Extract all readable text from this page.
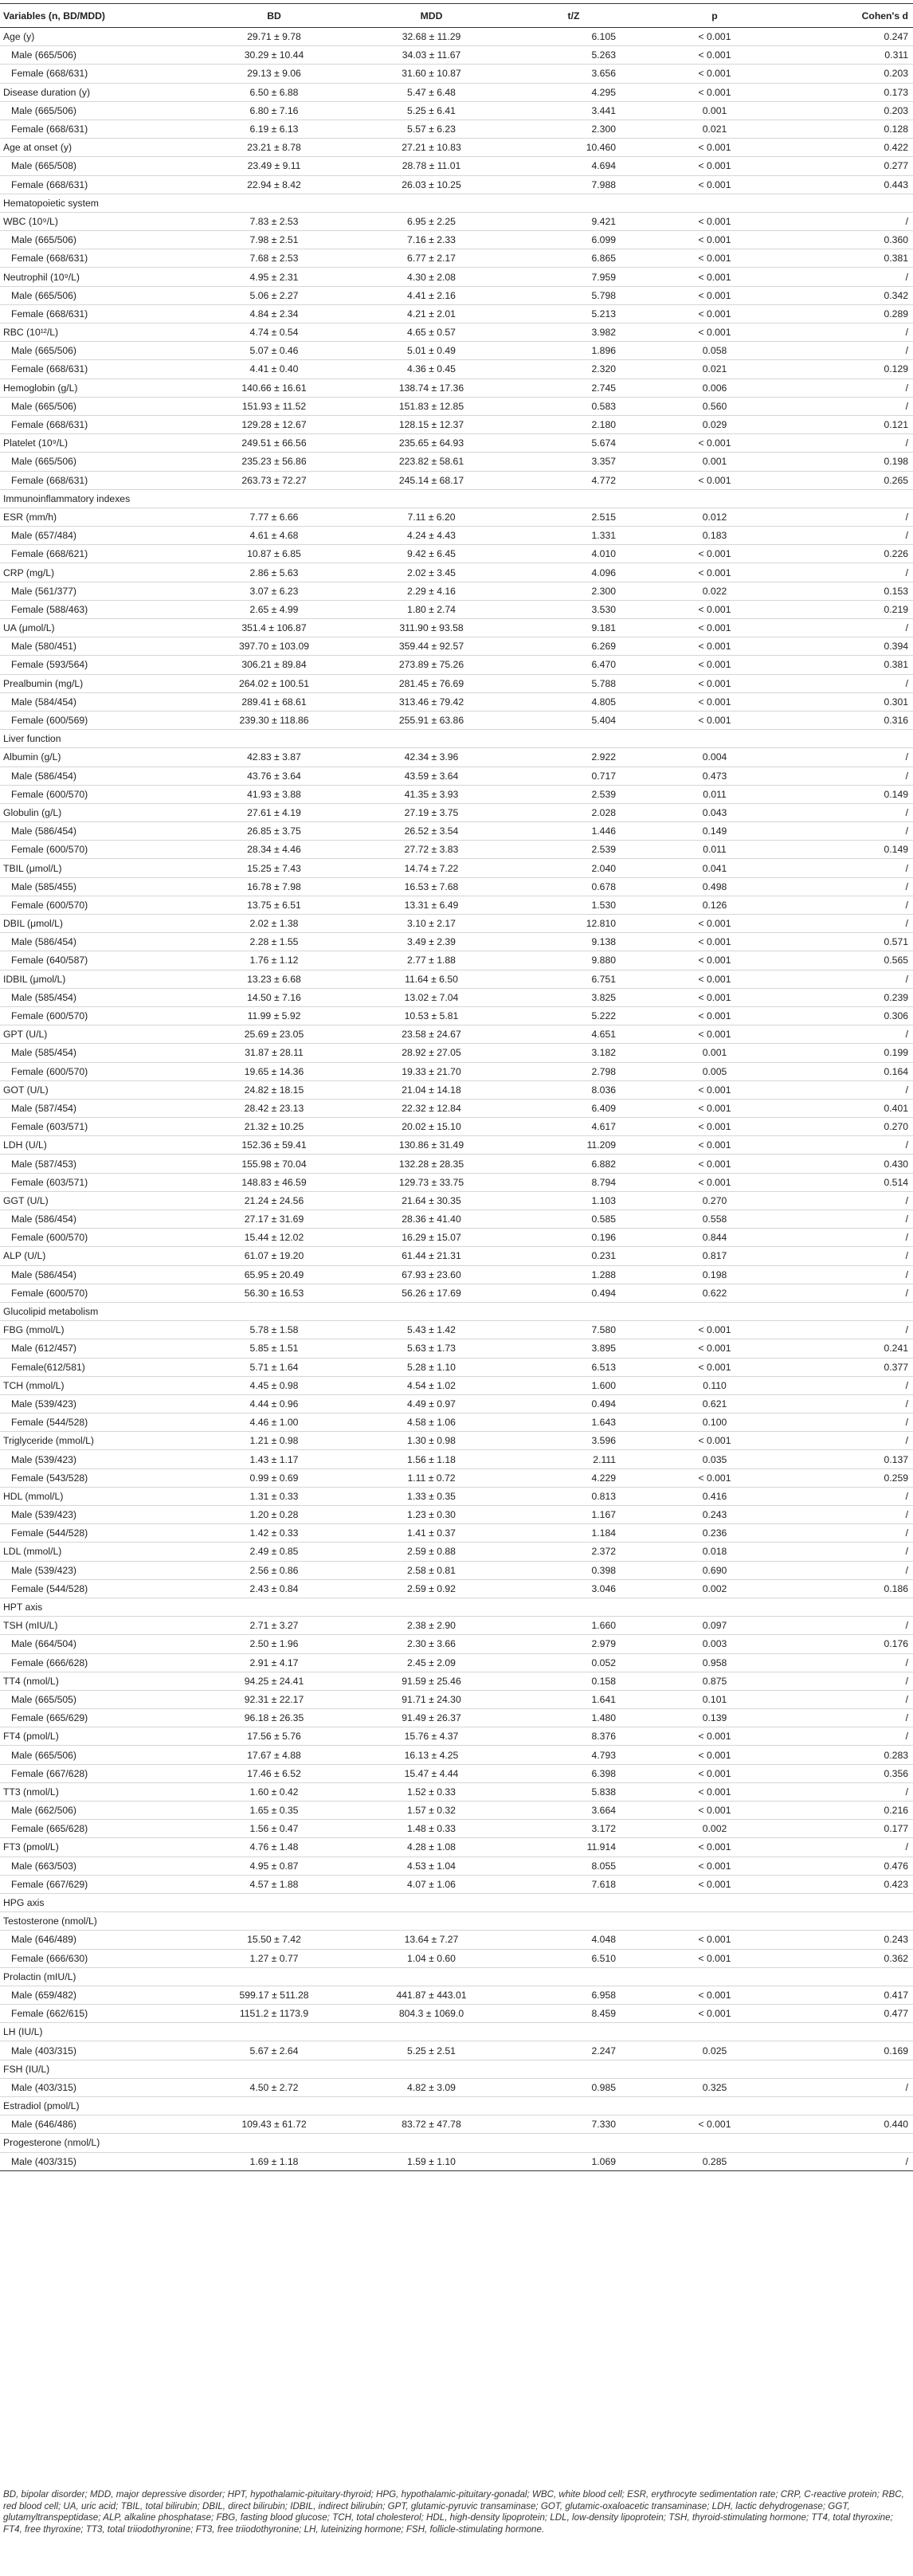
Variables (n, BD/MDD)	BD	MDD	t/Z	p	Cohen's d
Age (y)	29.71 ± 9.78	32.68 ± 11.29	6.105	< 0.001	0.247
Male (665/506)	30.29 ± 10.44	34.03 ± 11.67	5.263	< 0.001	0.311
Female (668/631)	29.13 ± 9.06	31.60 ± 10.87	3.656	< 0.001	0.203
Disease duration (y)	6.50 ± 6.88	5.47 ± 6.48	4.295	< 0.001	0.173
Male (665/506)	6.80 ± 7.16	5.25 ± 6.41	3.441	0.001	0.203
Female (668/631)	6.19 ± 6.13	5.57 ± 6.23	2.300	0.021	0.128
Age at onset (y)	23.21 ± 8.78	27.21 ± 10.83	10.460	< 0.001	0.422
Male (665/508)	23.49 ± 9.11	28.78 ± 11.01	4.694	< 0.001	0.277
Female (668/631)	22.94 ± 8.42	26.03 ± 10.25	7.988	< 0.001	0.443
Hematopoietic system					
WBC (10⁹/L)	7.83 ± 2.53	6.95 ± 2.25	9.421	< 0.001	/
Male (665/506)	7.98 ± 2.51	7.16 ± 2.33	6.099	< 0.001	0.360
Female (668/631)	7.68 ± 2.53	6.77 ± 2.17	6.865	< 0.001	0.381
Neutrophil (10⁹/L)	4.95 ± 2.31	4.30 ± 2.08	7.959	< 0.001	/
Male (665/506)	5.06 ± 2.27	4.41 ± 2.16	5.798	< 0.001	0.342
Female (668/631)	4.84 ± 2.34	4.21 ± 2.01	5.213	< 0.001	0.289
RBC (10¹²/L)	4.74 ± 0.54	4.65 ± 0.57	3.982	< 0.001	/
Male (665/506)	5.07 ± 0.46	5.01 ± 0.49	1.896	0.058	/
Female (668/631)	4.41 ± 0.40	4.36 ± 0.45	2.320	0.021	0.129
Hemoglobin (g/L)	140.66 ± 16.61	138.74 ± 17.36	2.745	0.006	/
Male (665/506)	151.93 ± 11.52	151.83 ± 12.85	0.583	0.560	/
Female (668/631)	129.28 ± 12.67	128.15 ± 12.37	2.180	0.029	0.121
Platelet (10⁹/L)	249.51 ± 66.56	235.65 ± 64.93	5.674	< 0.001	/
Male (665/506)	235.23 ± 56.86	223.82 ± 58.61	3.357	0.001	0.198
Female (668/631)	263.73 ± 72.27	245.14 ± 68.17	4.772	< 0.001	0.265
Immunoinflammatory indexes					
ESR (mm/h)	7.77 ± 6.66	7.11 ± 6.20	2.515	0.012	/
Male (657/484)	4.61 ± 4.68	4.24 ± 4.43	1.331	0.183	/
Female (668/621)	10.87 ± 6.85	9.42 ± 6.45	4.010	< 0.001	0.226
CRP (mg/L)	2.86 ± 5.63	2.02 ± 3.45	4.096	< 0.001	/
Male (561/377)	3.07 ± 6.23	2.29 ± 4.16	2.300	0.022	0.153
Female (588/463)	2.65 ± 4.99	1.80 ± 2.74	3.530	< 0.001	0.219
UA (μmol/L)	351.4 ± 106.87	311.90 ± 93.58	9.181	< 0.001	/
Male (580/451)	397.70 ± 103.09	359.44 ± 92.57	6.269	< 0.001	0.394
Female (593/564)	306.21 ± 89.84	273.89 ± 75.26	6.470	< 0.001	0.381
Prealbumin (mg/L)	264.02 ± 100.51	281.45 ± 76.69	5.788	< 0.001	/
Male (584/454)	289.41 ± 68.61	313.46 ± 79.42	4.805	< 0.001	0.301
Female (600/569)	239.30 ± 118.86	255.91 ± 63.86	5.404	< 0.001	0.316
Liver function					
Albumin (g/L)	42.83 ± 3.87	42.34 ± 3.96	2.922	0.004	/
Male (586/454)	43.76 ± 3.64	43.59 ± 3.64	0.717	0.473	/
Female (600/570)	41.93 ± 3.88	41.35 ± 3.93	2.539	0.011	0.149
Globulin (g/L)	27.61 ± 4.19	27.19 ± 3.75	2.028	0.043	/
Male (586/454)	26.85 ± 3.75	26.52 ± 3.54	1.446	0.149	/
Female (600/570)	28.34 ± 4.46	27.72 ± 3.83	2.539	0.011	0.149
TBIL (μmol/L)	15.25 ± 7.43	14.74 ± 7.22	2.040	0.041	/
Male (585/455)	16.78 ± 7.98	16.53 ± 7.68	0.678	0.498	/
Female (600/570)	13.75 ± 6.51	13.31 ± 6.49	1.530	0.126	/
DBIL (μmol/L)	2.02 ± 1.38	3.10 ± 2.17	12.810	< 0.001	/
Male (586/454)	2.28 ± 1.55	3.49 ± 2.39	9.138	< 0.001	0.571
Female (640/587)	1.76 ± 1.12	2.77 ± 1.88	9.880	< 0.001	0.565
IDBIL (μmol/L)	13.23 ± 6.68	11.64 ± 6.50	6.751	< 0.001	/
Male (585/454)	14.50 ± 7.16	13.02 ± 7.04	3.825	< 0.001	0.239
Female (600/570)	11.99 ± 5.92	10.53 ± 5.81	5.222	< 0.001	0.306
GPT (U/L)	25.69 ± 23.05	23.58 ± 24.67	4.651	< 0.001	/
Male (585/454)	31.87 ± 28.11	28.92 ± 27.05	3.182	0.001	0.199
Female (600/570)	19.65 ± 14.36	19.33 ± 21.70	2.798	0.005	0.164
GOT (U/L)	24.82 ± 18.15	21.04 ± 14.18	8.036	< 0.001	/
Male (587/454)	28.42 ± 23.13	22.32 ± 12.84	6.409	< 0.001	0.401
Female (603/571)	21.32 ± 10.25	20.02 ± 15.10	4.617	< 0.001	0.270
LDH (U/L)	152.36 ± 59.41	130.86 ± 31.49	11.209	< 0.001	/
Male (587/453)	155.98 ± 70.04	132.28 ± 28.35	6.882	< 0.001	0.430
Female (603/571)	148.83 ± 46.59	129.73 ± 33.75	8.794	< 0.001	0.514
GGT (U/L)	21.24 ± 24.56	21.64 ± 30.35	1.103	0.270	/
Male (586/454)	27.17 ± 31.69	28.36 ± 41.40	0.585	0.558	/
Female (600/570)	15.44 ± 12.02	16.29 ± 15.07	0.196	0.844	/
ALP (U/L)	61.07 ± 19.20	61.44 ± 21.31	0.231	0.817	/
Male (586/454)	65.95 ± 20.49	67.93 ± 23.60	1.288	0.198	/
Female (600/570)	56.30 ± 16.53	56.26 ± 17.69	0.494	0.622	/
Glucolipid metabolism					
FBG (mmol/L)	5.78 ± 1.58	5.43 ± 1.42	7.580	< 0.001	/
Male (612/457)	5.85 ± 1.51	5.63 ± 1.73	3.895	< 0.001	0.241
Female(612/581)	5.71 ± 1.64	5.28 ± 1.10	6.513	< 0.001	0.377
TCH (mmol/L)	4.45 ± 0.98	4.54 ± 1.02	1.600	0.110	/
Male (539/423)	4.44 ± 0.96	4.49 ± 0.97	0.494	0.621	/
Female (544/528)	4.46 ± 1.00	4.58 ± 1.06	1.643	0.100	/
Triglyceride (mmol/L)	1.21 ± 0.98	1.30 ± 0.98	3.596	< 0.001	/
Male (539/423)	1.43 ± 1.17	1.56 ± 1.18	2.111	0.035	0.137
Female (543/528)	0.99 ± 0.69	1.11 ± 0.72	4.229	< 0.001	0.259
HDL (mmol/L)	1.31 ± 0.33	1.33 ± 0.35	0.813	0.416	/
Male (539/423)	1.20 ± 0.28	1.23 ± 0.30	1.167	0.243	/
Female (544/528)	1.42 ± 0.33	1.41 ± 0.37	1.184	0.236	/
LDL (mmol/L)	2.49 ± 0.85	2.59 ± 0.88	2.372	0.018	/
Male (539/423)	2.56 ± 0.86	2.58 ± 0.81	0.398	0.690	/
Female (544/528)	2.43 ± 0.84	2.59 ± 0.92	3.046	0.002	0.186
HPT axis					
TSH (mIU/L)	2.71 ± 3.27	2.38 ± 2.90	1.660	0.097	/
Male (664/504)	2.50 ± 1.96	2.30 ± 3.66	2.979	0.003	0.176
Female (666/628)	2.91 ± 4.17	2.45 ± 2.09	0.052	0.958	/
TT4 (nmol/L)	94.25 ± 24.41	91.59 ± 25.46	0.158	0.875	/
Male (665/505)	92.31 ± 22.17	91.71 ± 24.30	1.641	0.101	/
Female (665/629)	96.18 ± 26.35	91.49 ± 26.37	1.480	0.139	/
FT4 (pmol/L)	17.56 ± 5.76	15.76 ± 4.37	8.376	< 0.001	/
Male (665/506)	17.67 ± 4.88	16.13 ± 4.25	4.793	< 0.001	0.283
Female (667/628)	17.46 ± 6.52	15.47 ± 4.44	6.398	< 0.001	0.356
TT3 (nmol/L)	1.60 ± 0.42	1.52 ± 0.33	5.838	< 0.001	/
Male (662/506)	1.65 ± 0.35	1.57 ± 0.32	3.664	< 0.001	0.216
Female (665/628)	1.56 ± 0.47	1.48 ± 0.33	3.172	0.002	0.177
FT3 (pmol/L)	4.76 ± 1.48	4.28 ± 1.08	11.914	< 0.001	/
Male (663/503)	4.95 ± 0.87	4.53 ± 1.04	8.055	< 0.001	0.476
Female (667/629)	4.57 ± 1.88	4.07 ± 1.06	7.618	< 0.001	0.423
HPG axis					
Testosterone (nmol/L)					
Male (646/489)	15.50 ± 7.42	13.64 ± 7.27	4.048	< 0.001	0.243
Female (666/630)	1.27 ± 0.77	1.04 ± 0.60	6.510	< 0.001	0.362
Prolactin (mIU/L)					
Male (659/482)	599.17 ± 511.28	441.87 ± 443.01	6.958	< 0.001	0.417
Female (662/615)	1151.2 ± 1173.9	804.3 ± 1069.0	8.459	< 0.001	0.477
LH (IU/L)					
Male (403/315)	5.67 ± 2.64	5.25 ± 2.51	2.247	0.025	0.169
FSH (IU/L)					
Male (403/315)	4.50 ± 2.72	4.82 ± 3.09	0.985	0.325	/
Estradiol (pmol/L)					
Male (646/486)	109.43 ± 61.72	83.72 ± 47.78	7.330	< 0.001	0.440
Progesterone (nmol/L)					
Male (403/315)	1.69 ± 1.18	1.59 ± 1.10	1.069	0.285	/
BD, bipolar disorder; MDD, major depressive disorder; HPT, hypothalamic-pituitary-thyroid; HPG, hypothalamic-pituitary-gonadal; WBC, white blood cell; ESR, erythrocyte sedimentation rate; CRP, C-reactive protein; RBC, red blood cell; UA, uric acid; TBIL, total bilirubin; DBIL, direct bilirubin; IDBIL, indirect bilirubin; GPT, glutamic-pyruvic transaminase; GOT, glutamic-oxaloacetic transaminase; LDH, lactic dehydrogenase; GGT, glutamyltranspeptidase; ALP, alkaline phosphatase; FBG, fasting blood glucose; TCH, total cholesterol; HDL, high-density lipoprotein; LDL, low-density lipoprotein; TSH, thyroid-stimulating hormone; TT4, total thyroxine; FT4, free thyroxine; TT3, total triiodothyronine; FT3, free triiodothyronine; LH, luteinizing hormone; FSH, follicle-stimulating hormone.
